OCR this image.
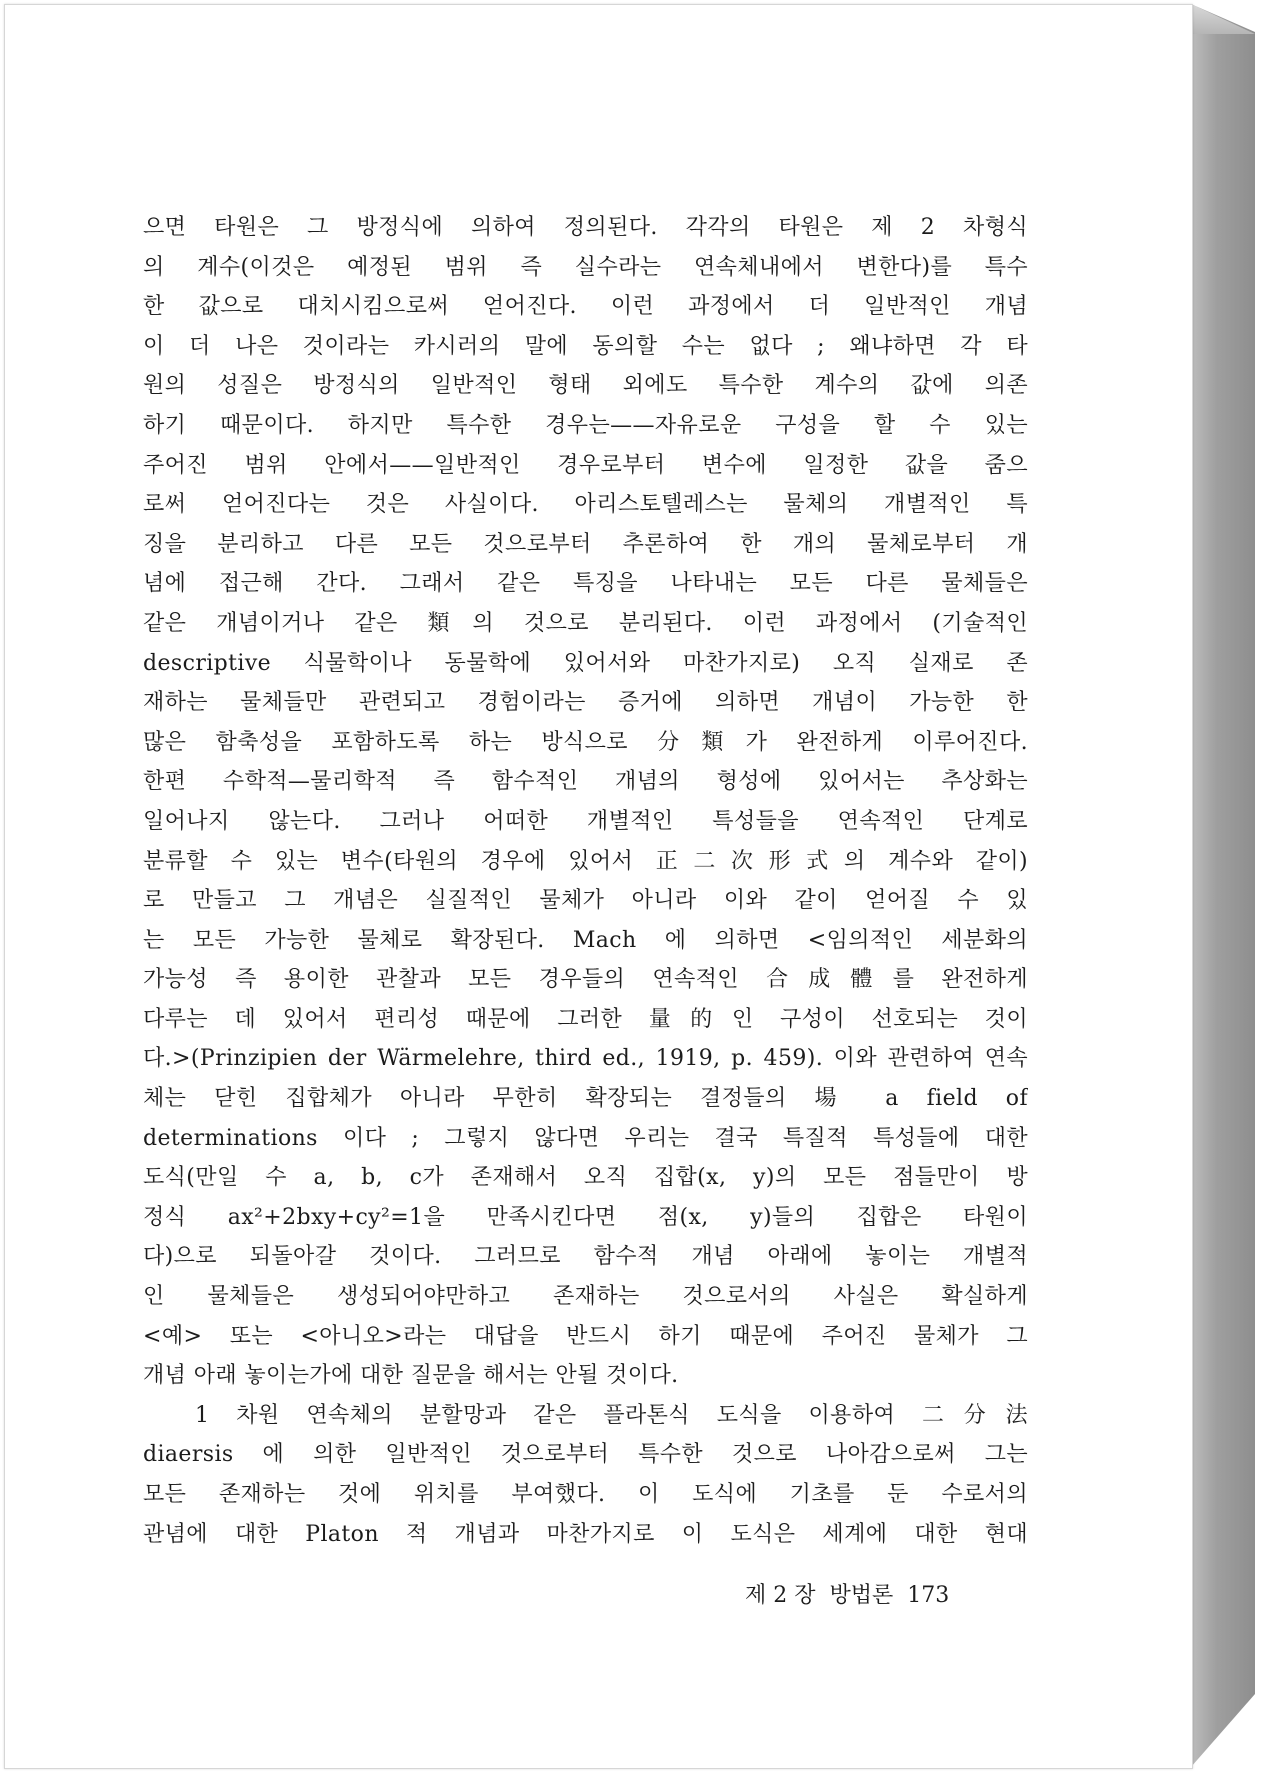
으면 타원은 그 방정식에 의하여 정의된다. 각각의 타원은 제 2 차형식
의 계수(이것은 예정된 범위 즉 실수라는 연속체내에서 변한다)를 특수
한 값으로 대치시킴으로써 얻어진다. 이런 과정에서 더 일반적인 개념
이 더 나은 것이라는 카시러의 말에 동의할 수는 없다 ; 왜냐하면 각 타
원의 성질은 방정식의 일반적인 형태 외에도 특수한 계수의 값에 의존
하기 때문이다. 하지만 특수한 경우는——자유로운 구성을 할 수 있는
주어진 범위 안에서——일반적인 경우로부터 변수에 일정한 값을 줌으
로써 얻어진다는 것은 사실이다. 아리스토텔레스는 물체의 개별적인 특
징을 분리하고 다른 모든 것으로부터 추론하여 한 개의 물체로부터 개
념에 접근해 간다. 그래서 같은 특징을 나타내는 모든 다른 물체들은
같은 개념이거나 같은 類의 것으로 분리된다. 이런 과정에서 (기술적인
descriptive 식물학이나 동물학에 있어서와 마찬가지로) 오직 실재로 존
재하는 물체들만 관련되고 경험이라는 증거에 의하면 개념이 가능한 한
많은 함축성을 포함하도록 하는 방식으로 分類가 완전하게 이루어진다.
한편 수학적—물리학적 즉 함수적인 개념의 형성에 있어서는 추상화는
일어나지 않는다. 그러나 어떠한 개별적인 특성들을 연속적인 단계로
분류할 수 있는 변수(타원의 경우에 있어서 正二次形式의 계수와 같이)
로 만들고 그 개념은 실질적인 물체가 아니라 이와 같이 얻어질 수 있
는 모든 가능한 물체로 확장된다. Mach 에 의하면 <임의적인 세분화의
가능성 즉 용이한 관찰과 모든 경우들의 연속적인 合成體를 완전하게
다루는 데 있어서 편리성 때문에 그러한 量的인 구성이 선호되는 것이
다.>(Prinzipien der Wärmelehre, third ed., 1919, p. 459). 이와 관련하여 연속
체는 닫힌 집합체가 아니라 무한히 확장되는 결정들의 場 a field of
determinations 이다 ; 그렇지 않다면 우리는 결국 특질적 특성들에 대한
도식(만일 수 a, b, c가 존재해서 오직 집합(x, y)의 모든 점들만이 방
정식 ax²+2bxy+cy²=1을 만족시킨다면 점(x, y)들의 집합은 타원이
다)으로 되돌아갈 것이다. 그러므로 함수적 개념 아래에 놓이는 개별적
인 물체들은 생성되어야만하고 존재하는 것으로서의 사실은 확실하게
<예> 또는 <아니오>라는 대답을 반드시 하기 때문에 주어진 물체가 그
개념 아래 놓이는가에 대한 질문을 해서는 안될 것이다.
1 차원 연속체의 분할망과 같은 플라톤식 도식을 이용하여 二分法
diaersis 에 의한 일반적인 것으로부터 특수한 것으로 나아감으로써 그는
모든 존재하는 것에 위치를 부여했다. 이 도식에 기초를 둔 수로서의
관념에 대한 Platon 적 개념과 마찬가지로 이 도식은 세계에 대한 현대
제 2 장 방법론 173
